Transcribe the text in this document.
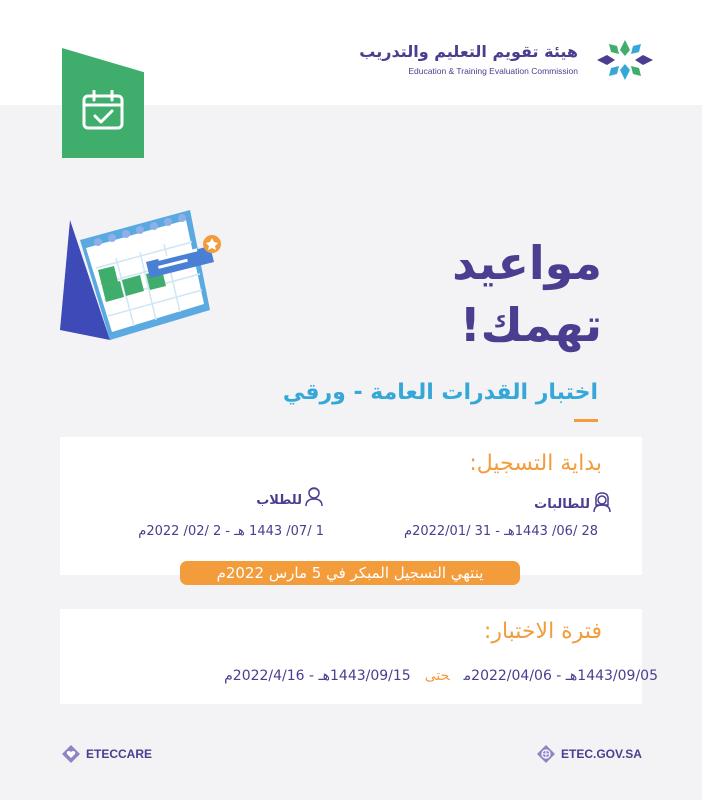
هيئة تقويم التعليم والتدريب
Education & Training Evaluation Commission
مواعيد
تهمك!
اختبار القدرات العامة - ورقي
بداية التسجيل:
للطالبات
28 /06/ 1443هـ - 31 /2022/01م
للطلاب
1 /07/ 1443 هـ - 2 /02/ 2022م
ينتهي التسجيل المبكر في 5 مارس 2022م
فترة الاختبار:
1443/09/05هـ - 2022/04/06محتى1443/09/15هـ - 2022/4/16م
ETECCARE	ETEC.GOV.SA
